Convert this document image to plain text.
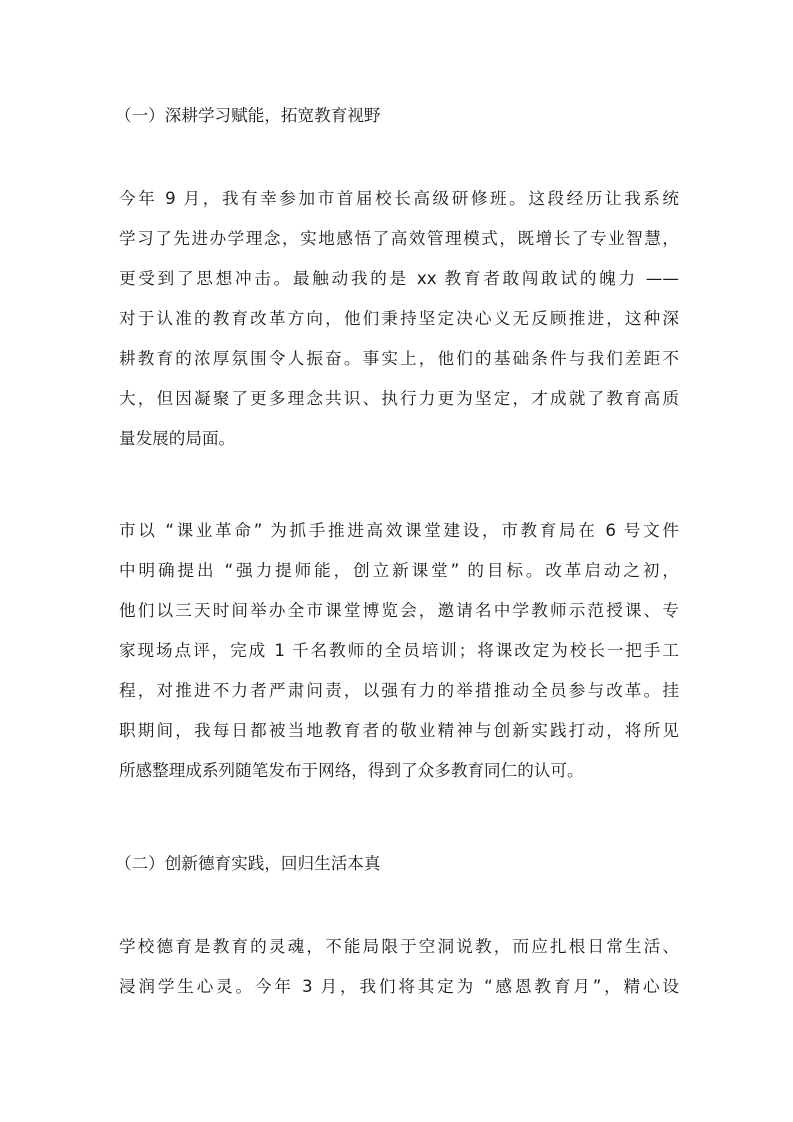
（一）深耕学习赋能，拓宽教育视野
今年 9 月，我有幸参加市首届校长高级研修班。这段经历让我系统
学习了先进办学理念，实地感悟了高效管理模式，既增长了专业智慧，
更受到了思想冲击。最触动我的是 xx 教育者敢闯敢试的魄力 ——
对于认准的教育改革方向，他们秉持坚定决心义无反顾推进，这种深
耕教育的浓厚氛围令人振奋。事实上，他们的基础条件与我们差距不
大，但因凝聚了更多理念共识、执行力更为坚定，才成就了教育高质
量发展的局面。
市以 “课业革命” 为抓手推进高效课堂建设，市教育局在 6 号文件
中明确提出 “强力提师能，创立新课堂” 的目标。改革启动之初，
他们以三天时间举办全市课堂博览会，邀请名中学教师示范授课、专
家现场点评，完成 1 千名教师的全员培训；将课改定为校长一把手工
程，对推进不力者严肃问责，以强有力的举措推动全员参与改革。挂
职期间，我每日都被当地教育者的敬业精神与创新实践打动，将所见
所感整理成系列随笔发布于网络，得到了众多教育同仁的认可。
（二）创新德育实践，回归生活本真
学校德育是教育的灵魂，不能局限于空洞说教，而应扎根日常生活、
浸润学生心灵。今年 3 月，我们将其定为 “感恩教育月”，精心设
